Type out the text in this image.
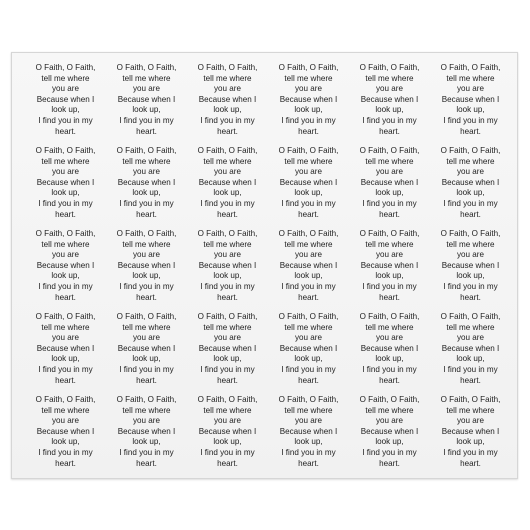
O Faith, O Faith,
tell me where
you are
Because when I
look up,
I find you in my
heart.
O Faith, O Faith,
tell me where
you are
Because when I
look up,
I find you in my
heart.
O Faith, O Faith,
tell me where
you are
Because when I
look up,
I find you in my
heart.
O Faith, O Faith,
tell me where
you are
Because when I
look up,
I find you in my
heart.
O Faith, O Faith,
tell me where
you are
Because when I
look up,
I find you in my
heart.
O Faith, O Faith,
tell me where
you are
Because when I
look up,
I find you in my
heart.
O Faith, O Faith,
tell me where
you are
Because when I
look up,
I find you in my
heart.
O Faith, O Faith,
tell me where
you are
Because when I
look up,
I find you in my
heart.
O Faith, O Faith,
tell me where
you are
Because when I
look up,
I find you in my
heart.
O Faith, O Faith,
tell me where
you are
Because when I
look up,
I find you in my
heart.
O Faith, O Faith,
tell me where
you are
Because when I
look up,
I find you in my
heart.
O Faith, O Faith,
tell me where
you are
Because when I
look up,
I find you in my
heart.
O Faith, O Faith,
tell me where
you are
Because when I
look up,
I find you in my
heart.
O Faith, O Faith,
tell me where
you are
Because when I
look up,
I find you in my
heart.
O Faith, O Faith,
tell me where
you are
Because when I
look up,
I find you in my
heart.
O Faith, O Faith,
tell me where
you are
Because when I
look up,
I find you in my
heart.
O Faith, O Faith,
tell me where
you are
Because when I
look up,
I find you in my
heart.
O Faith, O Faith,
tell me where
you are
Because when I
look up,
I find you in my
heart.
O Faith, O Faith,
tell me where
you are
Because when I
look up,
I find you in my
heart.
O Faith, O Faith,
tell me where
you are
Because when I
look up,
I find you in my
heart.
O Faith, O Faith,
tell me where
you are
Because when I
look up,
I find you in my
heart.
O Faith, O Faith,
tell me where
you are
Because when I
look up,
I find you in my
heart.
O Faith, O Faith,
tell me where
you are
Because when I
look up,
I find you in my
heart.
O Faith, O Faith,
tell me where
you are
Because when I
look up,
I find you in my
heart.
O Faith, O Faith,
tell me where
you are
Because when I
look up,
I find you in my
heart.
O Faith, O Faith,
tell me where
you are
Because when I
look up,
I find you in my
heart.
O Faith, O Faith,
tell me where
you are
Because when I
look up,
I find you in my
heart.
O Faith, O Faith,
tell me where
you are
Because when I
look up,
I find you in my
heart.
O Faith, O Faith,
tell me where
you are
Because when I
look up,
I find you in my
heart.
O Faith, O Faith,
tell me where
you are
Because when I
look up,
I find you in my
heart.
